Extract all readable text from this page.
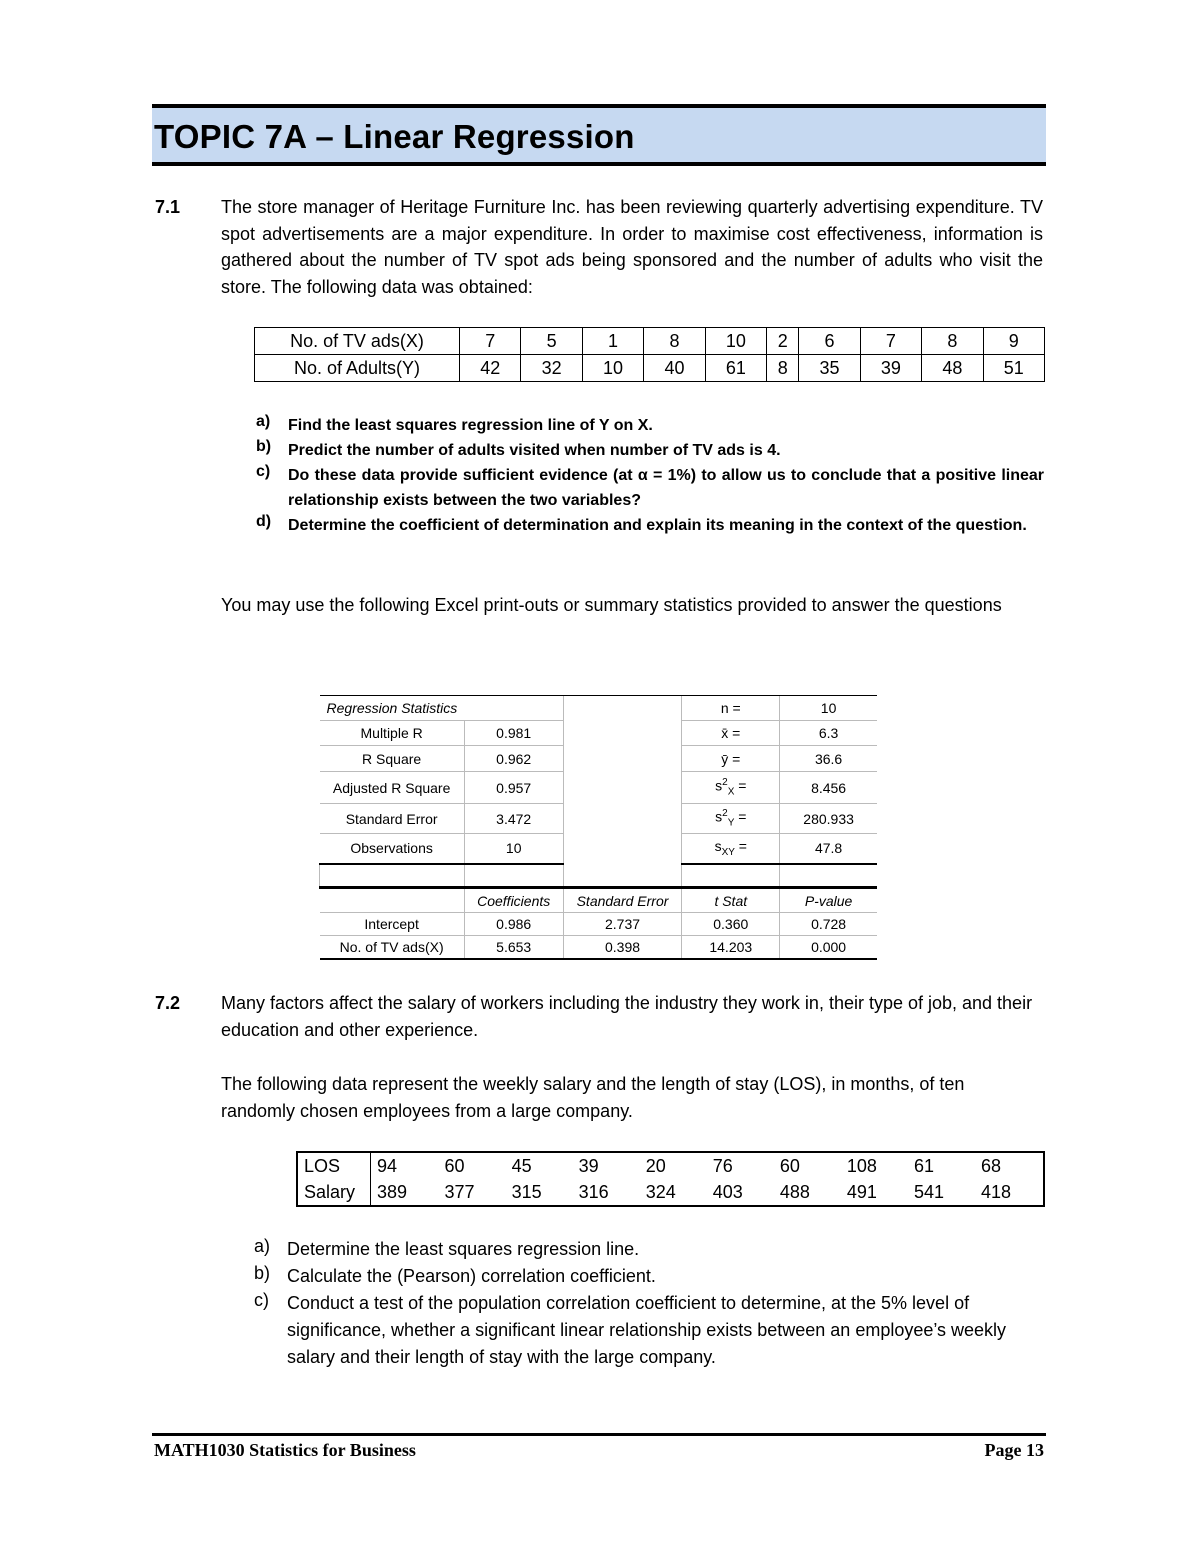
TOPIC 7A – Linear Regression
7.1 The store manager of Heritage Furniture Inc. has been reviewing quarterly advertising expenditure. TV spot advertisements are a major expenditure. In order to maximise cost effectiveness, information is gathered about the number of TV spot ads being sponsored and the number of adults who visit the store. The following data was obtained:
No. of TV ads(X)	7	5	1	8	10	2	6	7	8	9
No. of Adults(Y)	42	32	10	40	61	8	35	39	48	51
a) Find the least squares regression line of Y on X.
b) Predict the number of adults visited when number of TV ads is 4.
c) Do these data provide sufficient evidence (at α = 1%) to allow us to conclude that a positive linear relationship exists between the two variables?
d) Determine the coefficient of determination and explain its meaning in the context of the question.
You may use the following Excel print-outs or summary statistics provided to answer the questions
Regression Statistics			n =	10
Multiple R	0.981		x̄ =	6.3
R Square	0.962		ȳ =	36.6
Adjusted R Square	0.957		$s^2_X$ =	8.456
Standard Error	3.472		$s^2_Y$ =	280.933
Observations	10		$s_{XY}$ =	47.8

	Coefficients	Standard Error	t Stat	P-value
Intercept	0.986	2.737	0.360	0.728
No. of TV ads(X)	5.653	0.398	14.203	0.000
7.2 Many factors affect the salary of workers including the industry they work in, their type of job, and their education and other experience.
The following data represent the weekly salary and the length of stay (LOS), in months, of ten randomly chosen employees from a large company.
LOS	94	60	45	39	20	76	60	108	61	68
Salary	389	377	315	316	324	403	488	491	541	418
a) Determine the least squares regression line.
b) Calculate the (Pearson) correlation coefficient.
c) Conduct a test of the population correlation coefficient to determine, at the 5% level of significance, whether a significant linear relationship exists between an employee’s weekly salary and their length of stay with the large company.
MATH1030 Statistics for Business	Page 13
